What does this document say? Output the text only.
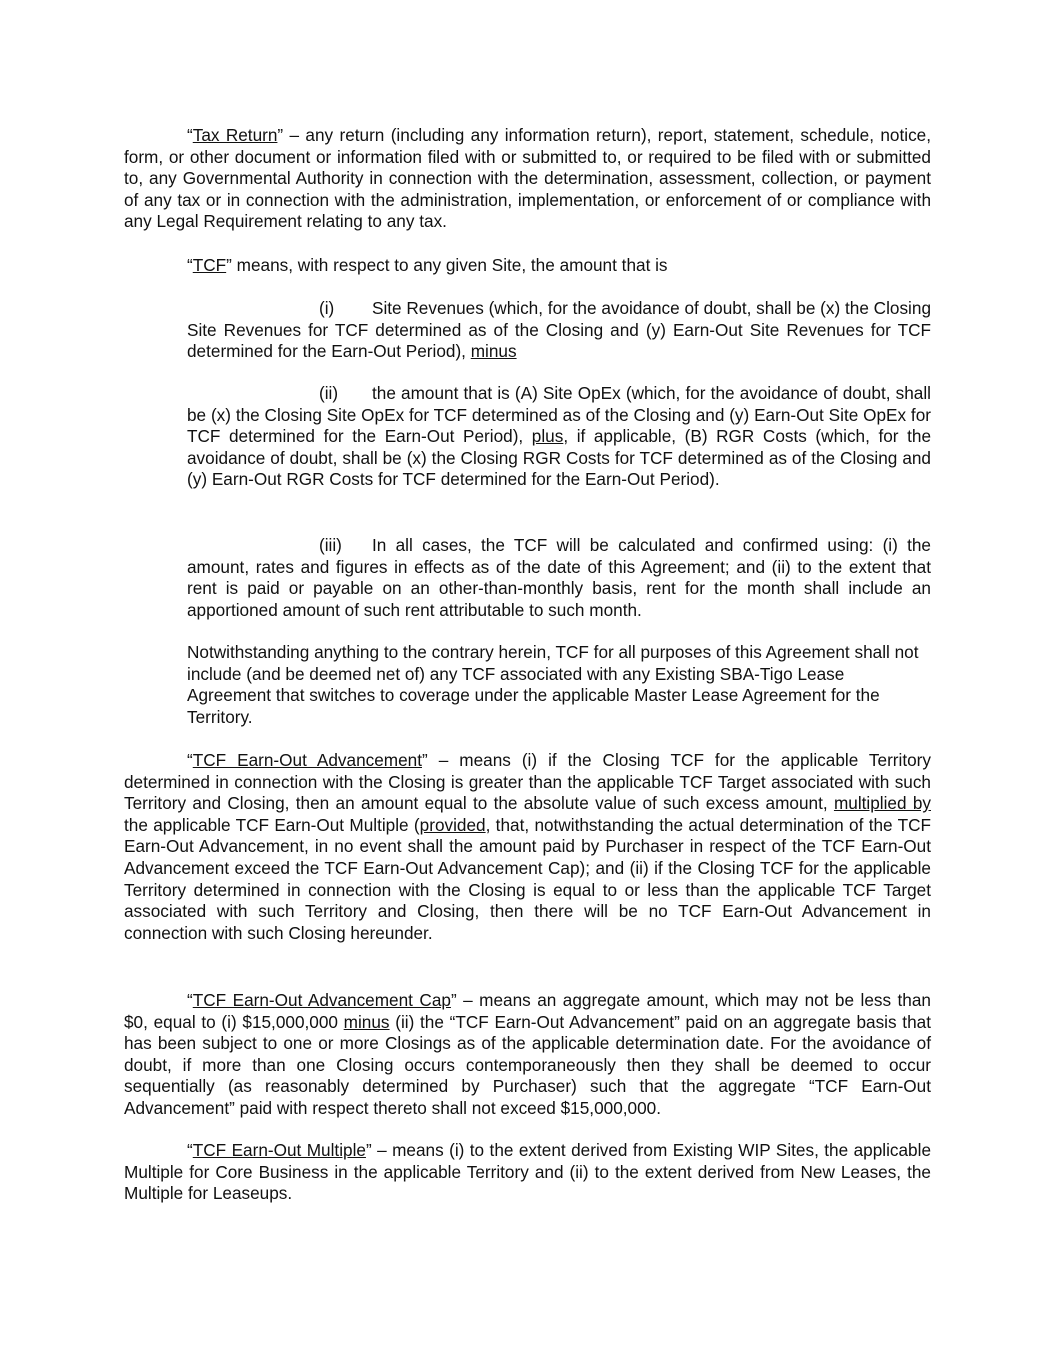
“Tax Return” – any return (including any information return), report, statement, schedule, notice, form, or other document or information filed with or submitted to, or required to be filed with or submitted to, any Governmental Authority in connection with the determination, assessment, collection, or payment of any tax or in connection with the administration, implementation, or enforcement of or compliance with any Legal Requirement relating to any tax.

“TCF” means, with respect to any given Site, the amount that is

(i) Site Revenues (which, for the avoidance of doubt, shall be (x) the Closing Site Revenues for TCF determined as of the Closing and (y) Earn-Out Site Revenues for TCF determined for the Earn-Out Period), minus

(ii) the amount that is (A) Site OpEx (which, for the avoidance of doubt, shall be (x) the Closing Site OpEx for TCF determined as of the Closing and (y) Earn-Out Site OpEx for TCF determined for the Earn-Out Period), plus, if applicable, (B) RGR Costs (which, for the avoidance of doubt, shall be (x) the Closing RGR Costs for TCF determined as of the Closing and (y) Earn-Out RGR Costs for TCF determined for the Earn-Out Period).

(iii) In all cases, the TCF will be calculated and confirmed using: (i) the amount, rates and figures in effects as of the date of this Agreement; and (ii) to the extent that rent is paid or payable on an other-than-monthly basis, rent for the month shall include an apportioned amount of such rent attributable to such month.

Notwithstanding anything to the contrary herein, TCF for all purposes of this Agreement shall not include (and be deemed net of) any TCF associated with any Existing SBA-Tigo Lease Agreement that switches to coverage under the applicable Master Lease Agreement for the Territory.

“TCF Earn-Out Advancement” – means (i) if the Closing TCF for the applicable Territory determined in connection with the Closing is greater than the applicable TCF Target associated with such Territory and Closing, then an amount equal to the absolute value of such excess amount, multiplied by the applicable TCF Earn-Out Multiple (provided, that, notwithstanding the actual determination of the TCF Earn-Out Advancement, in no event shall the amount paid by Purchaser in respect of the TCF Earn-Out Advancement exceed the TCF Earn-Out Advancement Cap); and (ii) if the Closing TCF for the applicable Territory determined in connection with the Closing is equal to or less than the applicable TCF Target associated with such Territory and Closing, then there will be no TCF Earn-Out Advancement in connection with such Closing hereunder.

“TCF Earn-Out Advancement Cap” – means an aggregate amount, which may not be less than $0, equal to (i) $15,000,000 minus (ii) the “TCF Earn-Out Advancement” paid on an aggregate basis that has been subject to one or more Closings as of the applicable determination date. For the avoidance of doubt, if more than one Closing occurs contemporaneously then they shall be deemed to occur sequentially (as reasonably determined by Purchaser) such that the aggregate “TCF Earn-Out Advancement” paid with respect thereto shall not exceed $15,000,000.

“TCF Earn-Out Multiple” – means (i) to the extent derived from Existing WIP Sites, the applicable Multiple for Core Business in the applicable Territory and (ii) to the extent derived from New Leases, the Multiple for Leaseups.
